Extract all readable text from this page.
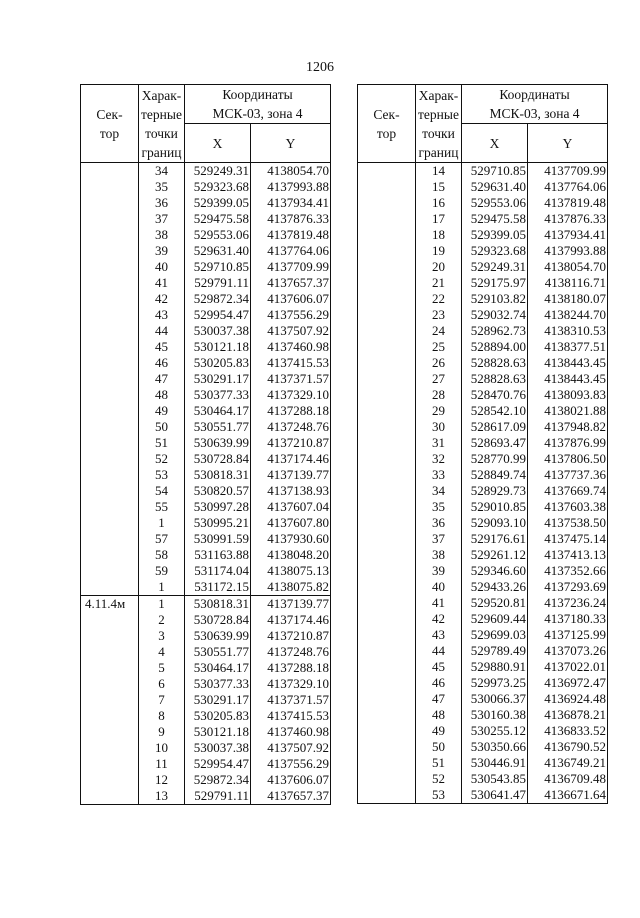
1206
Сек-
тор	Харак-
терные
точки
границ	Координаты
МСК-03, зона 4	

		X	Y
	34	529249.31	4138054.70
	35	529323.68	4137993.88
	36	529399.05	4137934.41
	37	529475.58	4137876.33
	38	529553.06	4137819.48
	39	529631.40	4137764.06
	40	529710.85	4137709.99
	41	529791.11	4137657.37
	42	529872.34	4137606.07
	43	529954.47	4137556.29
	44	530037.38	4137507.92
	45	530121.18	4137460.98
	46	530205.83	4137415.53
	47	530291.17	4137371.57
	48	530377.33	4137329.10
	49	530464.17	4137288.18
	50	530551.77	4137248.76
	51	530639.99	4137210.87
	52	530728.84	4137174.46
	53	530818.31	4137139.77
	54	530820.57	4137138.93
	55	530997.28	4137607.04
	1	530995.21	4137607.80
	57	530991.59	4137930.60
	58	531163.88	4138048.20
	59	531174.04	4138075.13
	1	531172.15	4138075.82
4.11.4м	1	530818.31	4137139.77
	2	530728.84	4137174.46
	3	530639.99	4137210.87
	4	530551.77	4137248.76
	5	530464.17	4137288.18
	6	530377.33	4137329.10
	7	530291.17	4137371.57
	8	530205.83	4137415.53
	9	530121.18	4137460.98
	10	530037.38	4137507.92
	11	529954.47	4137556.29
	12	529872.34	4137606.07
	13	529791.11	4137657.37
Сек-
тор	Харак-
терные
точки
границ	Координаты
МСК-03, зона 4	

		X	Y
	14	529710.85	4137709.99
	15	529631.40	4137764.06
	16	529553.06	4137819.48
	17	529475.58	4137876.33
	18	529399.05	4137934.41
	19	529323.68	4137993.88
	20	529249.31	4138054.70
	21	529175.97	4138116.71
	22	529103.82	4138180.07
	23	529032.74	4138244.70
	24	528962.73	4138310.53
	25	528894.00	4138377.51
	26	528828.63	4138443.45
	27	528828.63	4138443.45
	28	528470.76	4138093.83
	29	528542.10	4138021.88
	30	528617.09	4137948.82
	31	528693.47	4137876.99
	32	528770.99	4137806.50
	33	528849.74	4137737.36
	34	528929.73	4137669.74
	35	529010.85	4137603.38
	36	529093.10	4137538.50
	37	529176.61	4137475.14
	38	529261.12	4137413.13
	39	529346.60	4137352.66
	40	529433.26	4137293.69
	41	529520.81	4137236.24
	42	529609.44	4137180.33
	43	529699.03	4137125.99
	44	529789.49	4137073.26
	45	529880.91	4137022.01
	46	529973.25	4136972.47
	47	530066.37	4136924.48
	48	530160.38	4136878.21
	49	530255.12	4136833.52
	50	530350.66	4136790.52
	51	530446.91	4136749.21
	52	530543.85	4136709.48
	53	530641.47	4136671.64
